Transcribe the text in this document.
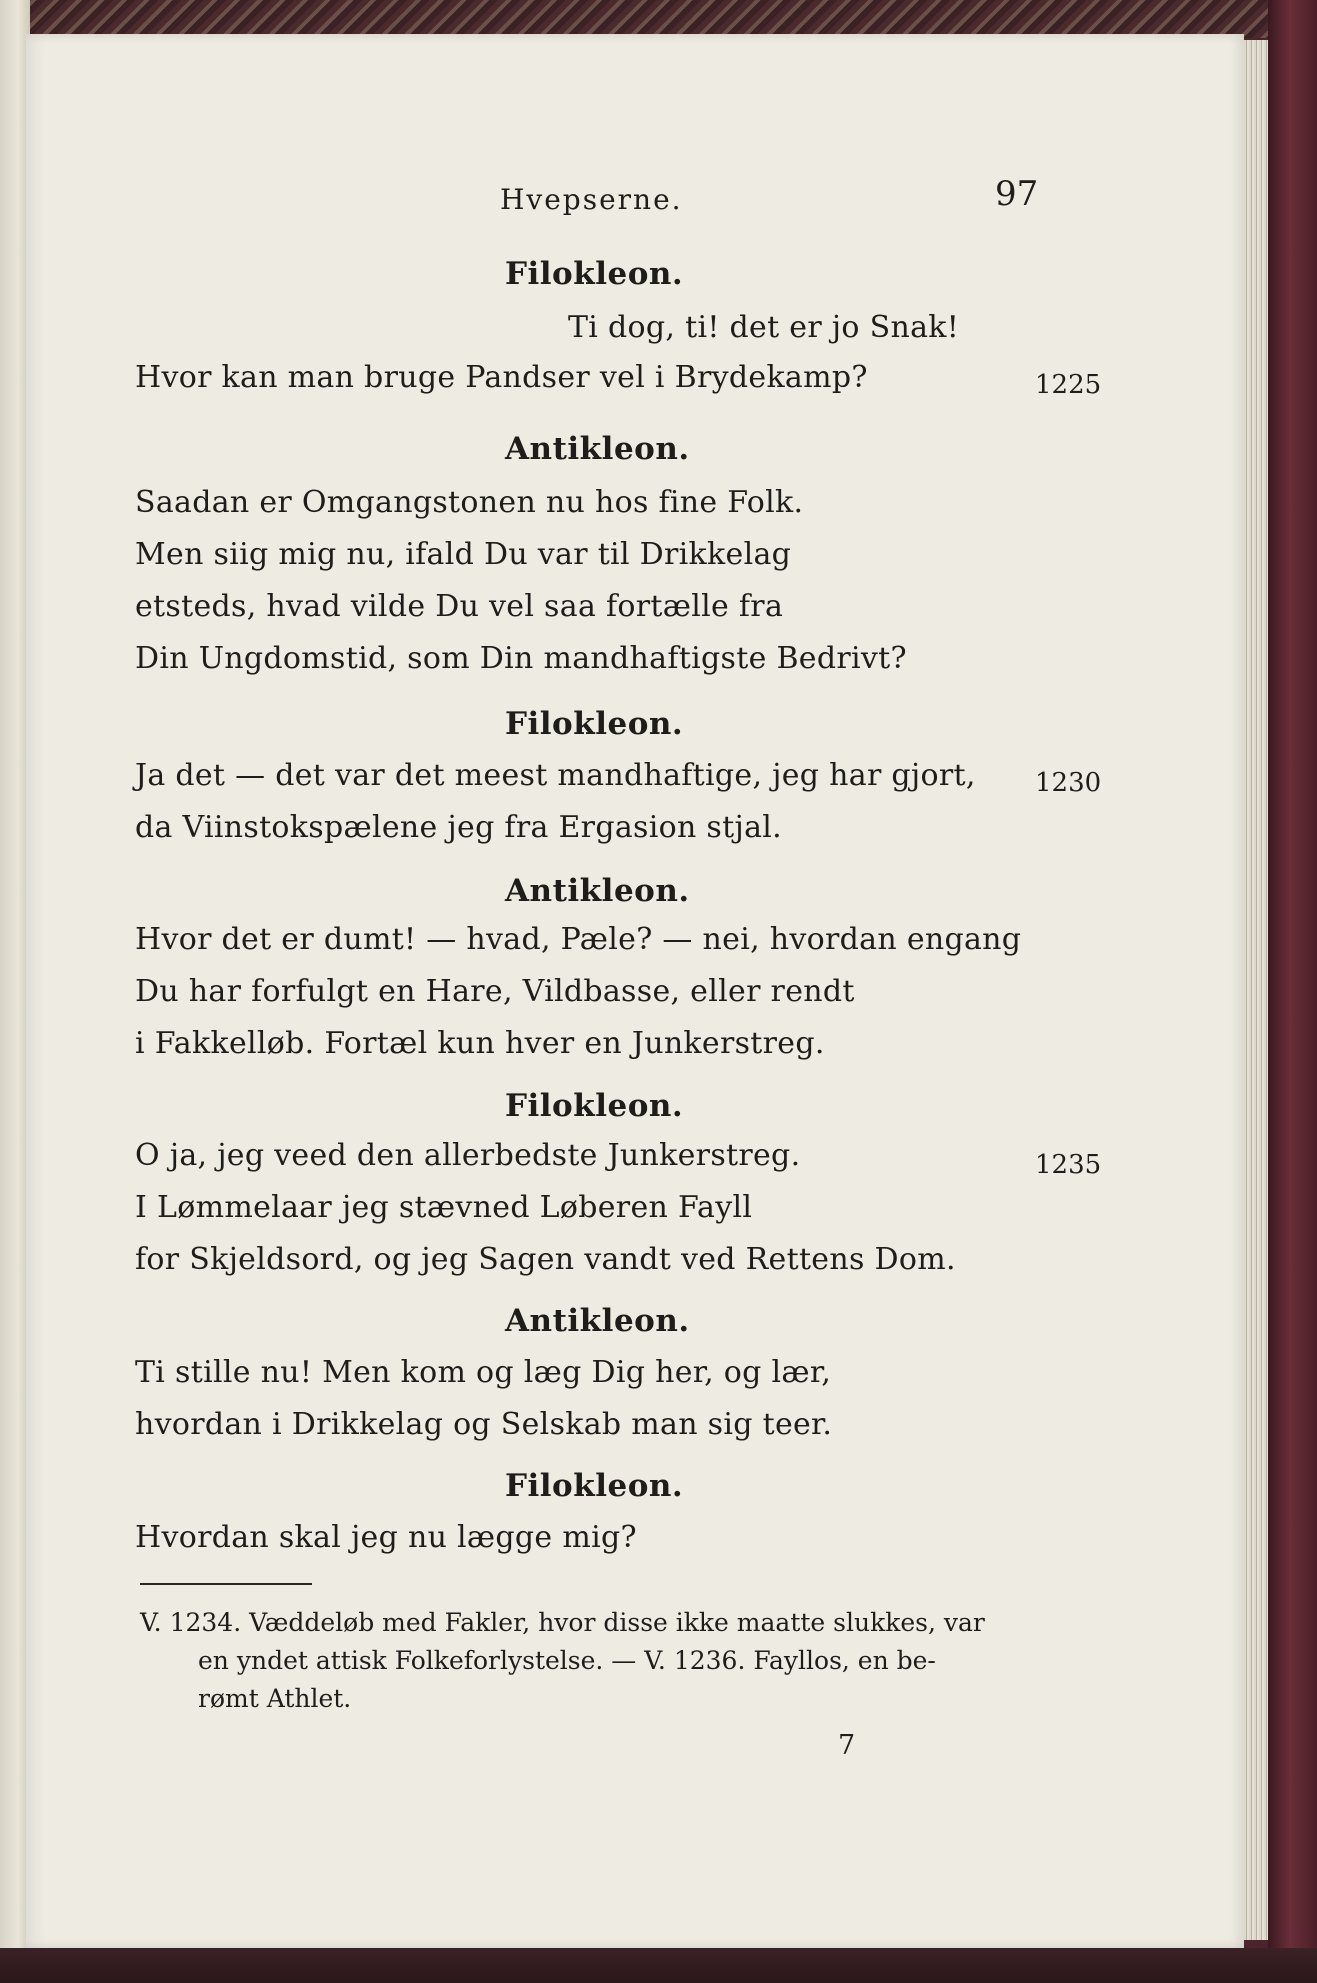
Hvepserne.	97
Filokleon.
Ti dog, ti! det er jo Snak!
Hvor kan man bruge Pandser vel i Brydekamp?	1225
Antikleon.
Saadan er Omgangstonen nu hos fine Folk.
Men siig mig nu, ifald Du var til Drikkelag
etsteds, hvad vilde Du vel saa fortælle fra
Din Ungdomstid, som Din mandhaftigste Bedrivt?
Filokleon.
Ja det — det var det meest mandhaftige, jeg har gjort, 1230
da Viinstokspælene jeg fra Ergasion stjal.
Antikleon.
Hvor det er dumt! — hvad, Pæle? — nei, hvordan engang
Du har forfulgt en Hare, Vildbasse, eller rendt
i Fakkelløb. Fortæl kun hver en Junkerstreg.
Filokleon.
O ja, jeg veed den allerbedste Junkerstreg.	1235
I Lømmelaar jeg stævned Løberen Fayll
for Skjeldsord, og jeg Sagen vandt ved Rettens Dom.
Antikleon.
Ti stille nu! Men kom og læg Dig her, og lær,
hvordan i Drikkelag og Selskab man sig teer.
Filokleon.
Hvordan skal jeg nu lægge mig?
V. 1234. Væddeløb med Fakler, hvor disse ikke maatte slukkes, var
en yndet attisk Folkeforlystelse. — V. 1236. Fayllos, en be-
rømt Athlet.
7
